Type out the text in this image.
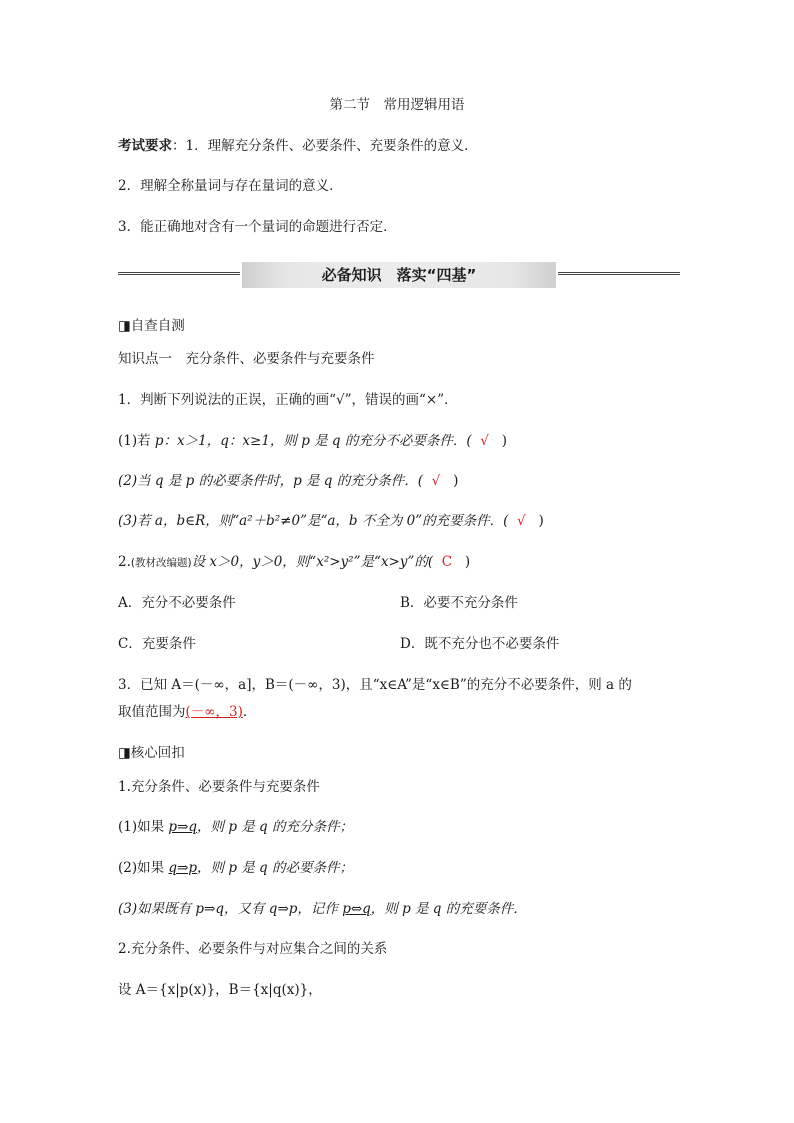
第二节　常用逻辑用语
考试要求：1．理解充分条件、必要条件、充要条件的意义．
2．理解全称量词与存在量词的意义．
3．能正确地对含有一个量词的命题进行否定．
必备知识　落实“四基”
◨自查自测
知识点一　充分条件、必要条件与充要条件
1．判断下列说法的正误，正确的画“√”，错误的画“×”．
(1)若 p：x＞1，q：x≥1，则 p 是 q 的充分不必要条件．( √ )
(2)当 q 是 p 的必要条件时，p 是 q 的充分条件．( √ )
(3)若 a，b∈R，则“a²＋b²≠0”是“a，b 不全为 0”的充要条件．( √ )
2.(教材改编题)设 x＞0，y＞0，则“x²>y²”是“x>y”的( C )
A．充分不必要条件	B．必要不充分条件
C．充要条件	D．既不充分也不必要条件
3．已知 A＝(－∞，a]，B＝(－∞，3)，且“x∈A”是“x∈B”的充分不必要条件，则 a 的
取值范围为(－∞，3)．
◨核心回扣
1.充分条件、必要条件与充要条件
(1)如果 p⇒q，则 p 是 q 的充分条件；
(2)如果 q⇒p，则 p 是 q 的必要条件；
(3)如果既有 p⇒q，又有 q⇒p，记作 p⇔q，则 p 是 q 的充要条件．
2.充分条件、必要条件与对应集合之间的关系
设 A＝{x|p(x)}，B＝{x|q(x)}，
